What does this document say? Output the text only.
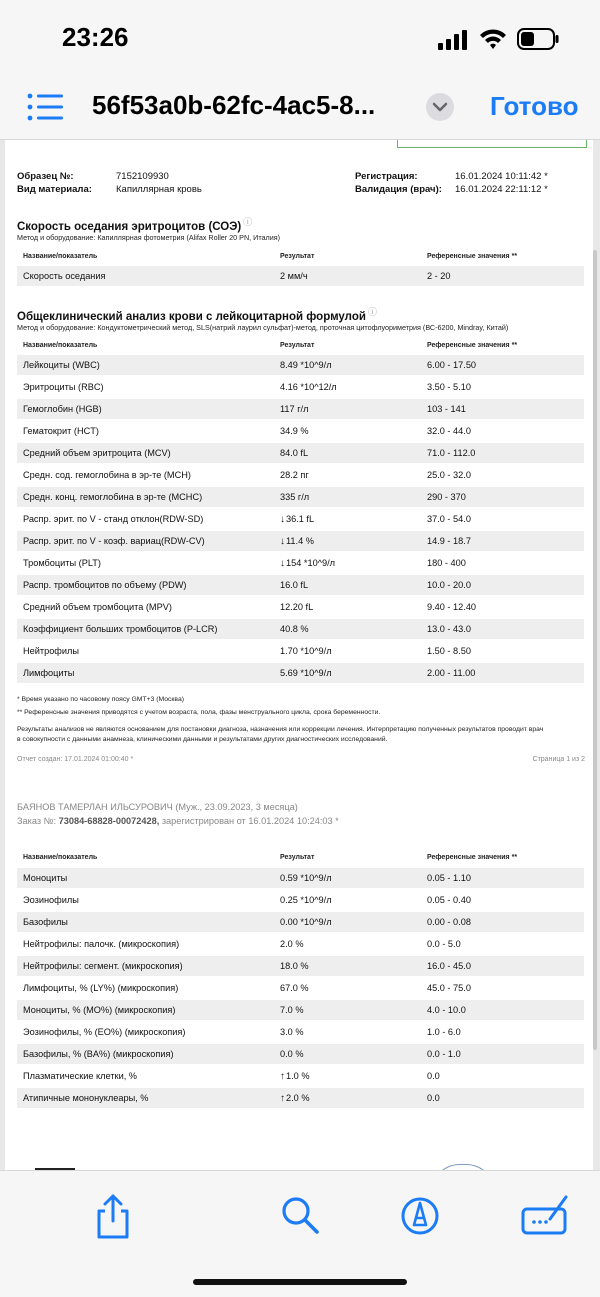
23:26
56f53a0b-62fc-4ac5-8...	Готово
Образец №:	7152109930
Вид материала:	Капиллярная кровь
Регистрация:	16.01.2024 10:11:42 *
Валидация (врач): 16.01.2024 22:11:12 *
Скорость оседания эритроцитов (СОЭ) ⓘ
Метод и оборудование: Капиллярная фотометрия (Alifax Roller 20 PN, Италия)
Название/показатель	Результат	Референсные значения **
Скорость оседания	2 мм/ч	2 - 20
Общеклинический анализ крови с лейкоцитарной формулой ⓘ
Метод и оборудование: Кондуктометрический метод, SLS(натрий лаурил сульфат)-метод, проточная цитофлуориметрия (ВС-6200, Mindray, Китай)
Название/показатель	Результат	Референсные значения **
Лейкоциты (WBC)	8.49 *10^9/л	6.00 - 17.50
Эритроциты (RBC)	4.16 *10^12/л	3.50 - 5.10
Гемоглобин (HGB)	117 г/л	103 - 141
Гематокрит (HCT)	34.9 %	32.0 - 44.0
Средний объем эритроцита (MCV)	84.0 fL	71.0 - 112.0
Средн. сод. гемоглобина в эр-те (MCH)	28.2 пг	25.0 - 32.0
Средн. конц. гемоглобина в эр-те (MCHC)	335 г/л	290 - 370
Распр. эрит. по V - станд отклон(RDW-SD)	↓36.1 fL	37.0 - 54.0
Распр. эрит. по V - коэф. вариац(RDW-CV)	↓11.4 %	14.9 - 18.7
Тромбоциты (PLT)	↓154 *10^9/л	180 - 400
Распр. тромбоцитов по объему (PDW)	16.0 fL	10.0 - 20.0
Средний объем тромбоцита (MPV)	12.20 fL	9.40 - 12.40
Коэффициент больших тромбоцитов (P-LCR)	40.8 %	13.0 - 43.0
Нейтрофилы	1.70 *10^9/л	1.50 - 8.50
Лимфоциты	5.69 *10^9/л	2.00 - 11.00
* Время указано по часовому поясу GMT+3 (Москва)
** Референсные значения приводятся с учетом возраста, пола, фазы менструального цикла, срока беременности.
Результаты анализов не являются основанием для постановки диагноза, назначения или коррекции лечения. Интерпретацию полученных результатов проводит врач
в совокупности с данными анамнеза, клиническими данными и результатами других диагностических исследований.
Отчет создан: 17.01.2024 01:00:40 *	Страница 1 из 2
БАЯНОВ ТАМЕРЛАН ИЛЬСУРОВИЧ (Муж., 23.09.2023, 3 месяца)
Заказ №: 73084-68828-00072428, зарегистрирован от 16.01.2024 10:24:03 *
Название/показатель	Результат	Референсные значения **
Моноциты	0.59 *10^9/л	0.05 - 1.10
Эозинофилы	0.25 *10^9/л	0.05 - 0.40
Базофилы	0.00 *10^9/л	0.00 - 0.08
Нейтрофилы: палочк. (микроскопия)	2.0 %	0.0 - 5.0
Нейтрофилы: сегмент. (микроскопия)	18.0 %	16.0 - 45.0
Лимфоциты, % (LY%) (микроскопия)	67.0 %	45.0 - 75.0
Моноциты, % (MO%) (микроскопия)	7.0 %	4.0 - 10.0
Эозинофилы, % (EO%) (микроскопия)	3.0 %	1.0 - 6.0
Базофилы, % (BA%) (микроскопия)	0.0 %	0.0 - 1.0
Плазматические клетки, %	↑1.0 %	0.0
Атипичные мононуклеары, %	↑2.0 %	0.0
